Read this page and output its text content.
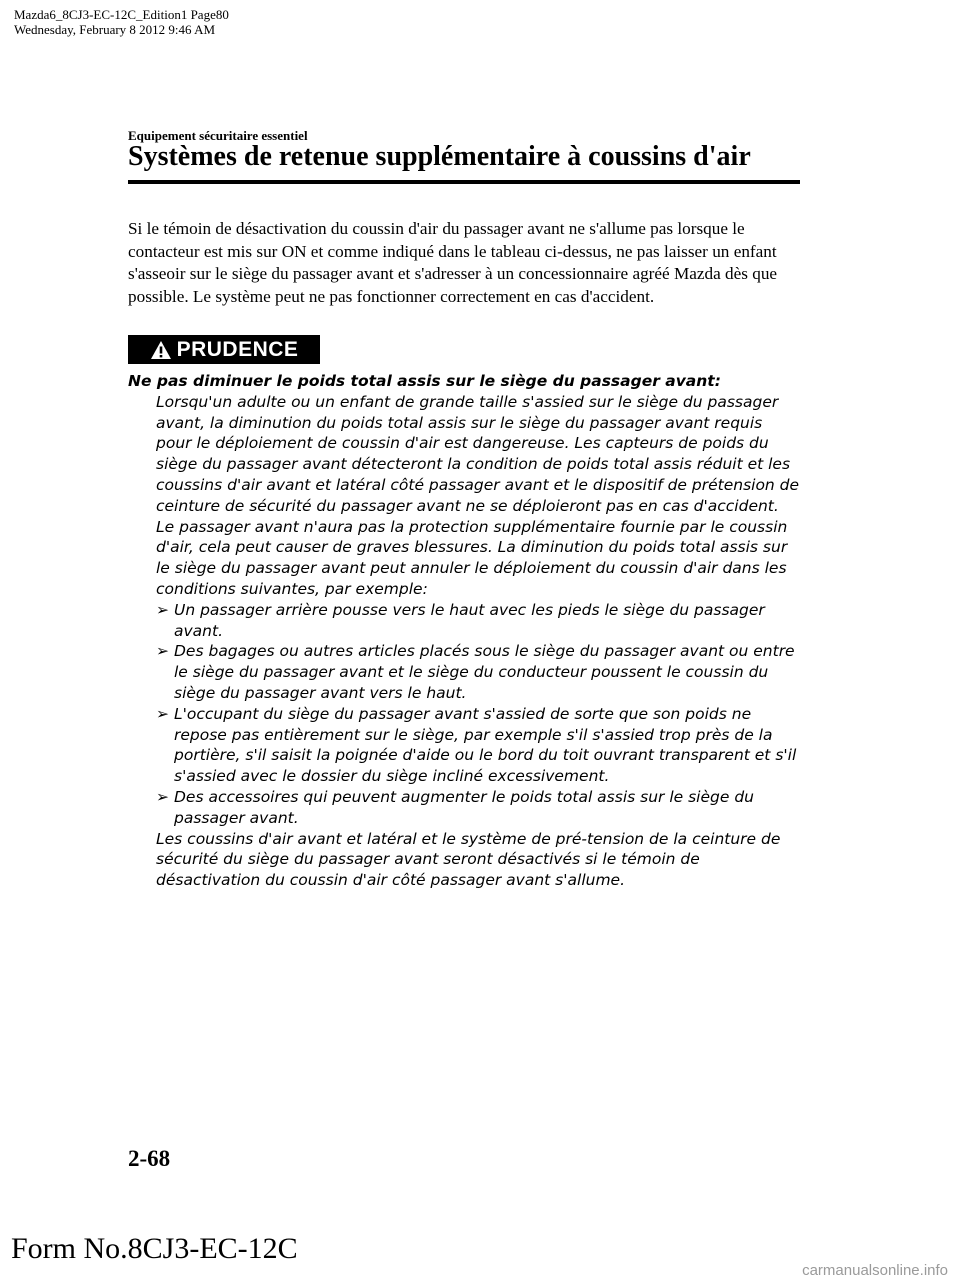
Mazda6_8CJ3-EC-12C_Edition1 Page80
Wednesday, February 8 2012 9:46 AM
Equipement sécuritaire essentiel
Systèmes de retenue supplémentaire à coussins d'air

Si le témoin de désactivation du coussin d'air du passager avant ne s'allume pas lorsque le contacteur est mis sur ON et comme indiqué dans le tableau ci-dessus, ne pas laisser un enfant s'asseoir sur le siège du passager avant et s'adresser à un concessionnaire agréé Mazda dès que possible. Le système peut ne pas fonctionner correctement en cas d'accident.

PRUDENCE
Ne pas diminuer le poids total assis sur le siège du passager avant:
Lorsqu'un adulte ou un enfant de grande taille s'assied sur le siège du passager avant, la diminution du poids total assis sur le siège du passager avant requis pour le déploiement de coussin d'air est dangereuse. Les capteurs de poids du siège du passager avant détecteront la condition de poids total assis réduit et les coussins d'air avant et latéral côté passager avant et le dispositif de prétension de ceinture de sécurité du passager avant ne se déploieront pas en cas d'accident. Le passager avant n'aura pas la protection supplémentaire fournie par le coussin d'air, cela peut causer de graves blessures. La diminution du poids total assis sur le siège du passager avant peut annuler le déploiement du coussin d'air dans les conditions suivantes, par exemple:
➢ Un passager arrière pousse vers le haut avec les pieds le siège du passager avant.
➢ Des bagages ou autres articles placés sous le siège du passager avant ou entre le siège du passager avant et le siège du conducteur poussent le coussin du siège du passager avant vers le haut.
➢ L'occupant du siège du passager avant s'assied de sorte que son poids ne repose pas entièrement sur le siège, par exemple s'il s'assied trop près de la portière, s'il saisit la poignée d'aide ou le bord du toit ouvrant transparent et s'il s'assied avec le dossier du siège incliné excessivement.
➢ Des accessoires qui peuvent augmenter le poids total assis sur le siège du passager avant.
Les coussins d'air avant et latéral et le système de pré-tension de la ceinture de sécurité du siège du passager avant seront désactivés si le témoin de désactivation du coussin d'air côté passager avant s'allume.
2-68
Form No.8CJ3-EC-12C
carmanualsonline.info
